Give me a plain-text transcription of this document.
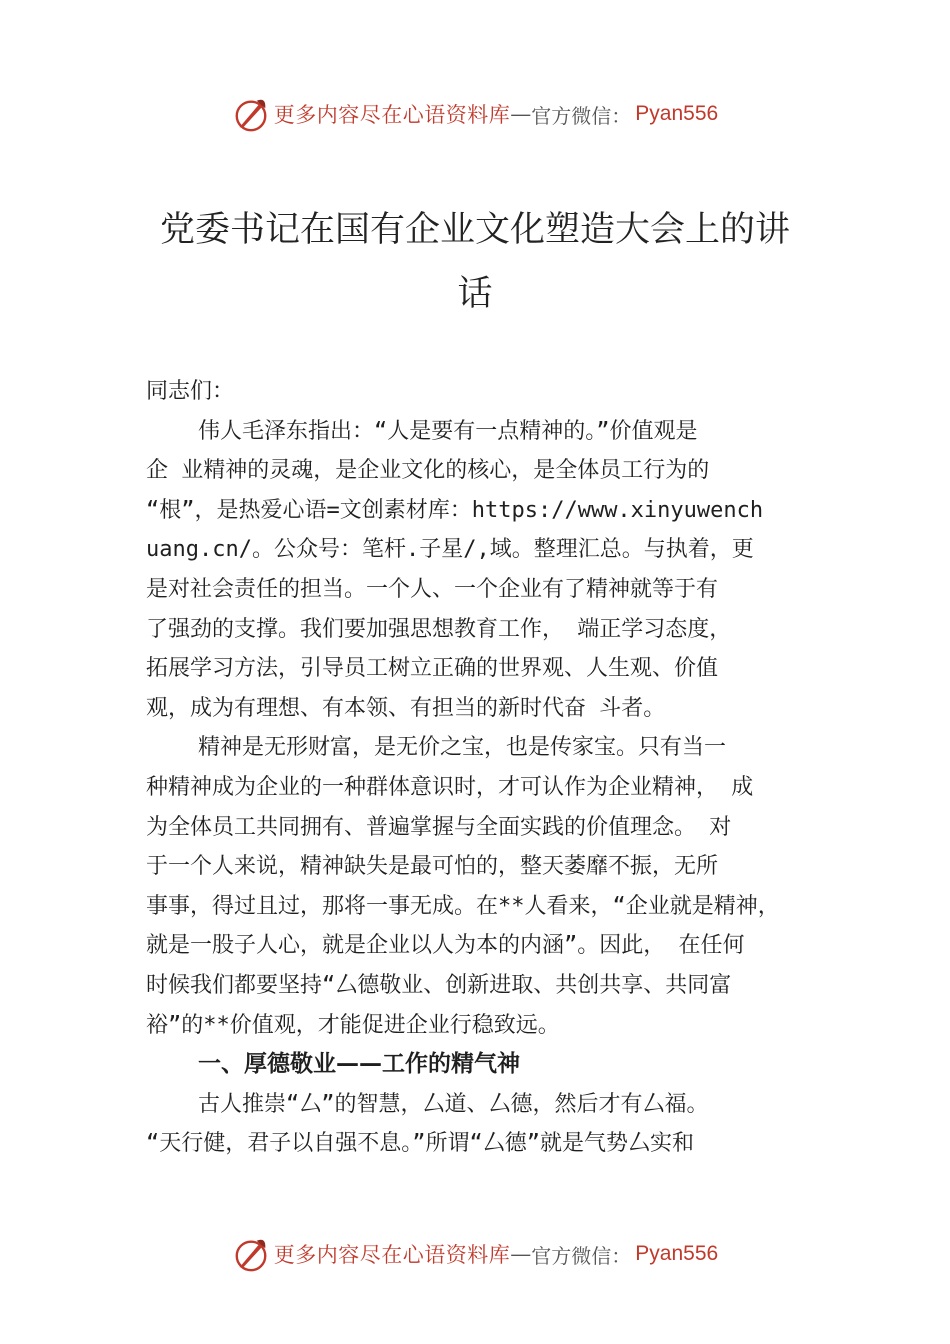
更多内容尽在心语资料库 — 官方微信： Pyan556
党委书记在国有企业文化塑造大会上的讲
话
同志们：
伟人毛泽东指出：“人是要有一点精神的。”价值观是
企 业精神的灵魂，是企业文化的核心，是全体员工行为的
“根”，是热爱心语=文创素材库：https://www.xinyuwench
uang.cn/。公众号：笔杆.子星/,域。整理汇总。与执着，更
是对社会责任的担当。一个人、一个企业有了精神就等于有
了强劲的支撑。我们要加强思想教育工作， 端正学习态度，
拓展学习方法，引导员工树立正确的世界观、人生观、价值
观，成为有理想、有本领、有担当的新时代奋 斗者。
精神是无形财富，是无价之宝，也是传家宝。只有当一
种精神成为企业的一种群体意识时，才可认作为企业精神， 成
为全体员工共同拥有、普遍掌握与全面实践的价值理念。 对
于一个人来说，精神缺失是最可怕的，整天萎靡不振，无所
事事，得过且过，那将一事无成。在**人看来，“企业就是精神，
就是一股子人心，就是企业以人为本的内涵”。因此， 在任何
时候我们都要坚持“⼛德敬业、创新进取、共创共享、共同富
裕”的**价值观，才能促进企业行稳致远。
一、厚德敬业——工作的精气神
古人推崇“⼛”的智慧，⼛道、⼛德，然后才有⼛福。
“天行健，君子以自强不息。”所谓“⼛德”就是气势⼛实和
更多内容尽在心语资料库 — 官方微信： Pyan556
